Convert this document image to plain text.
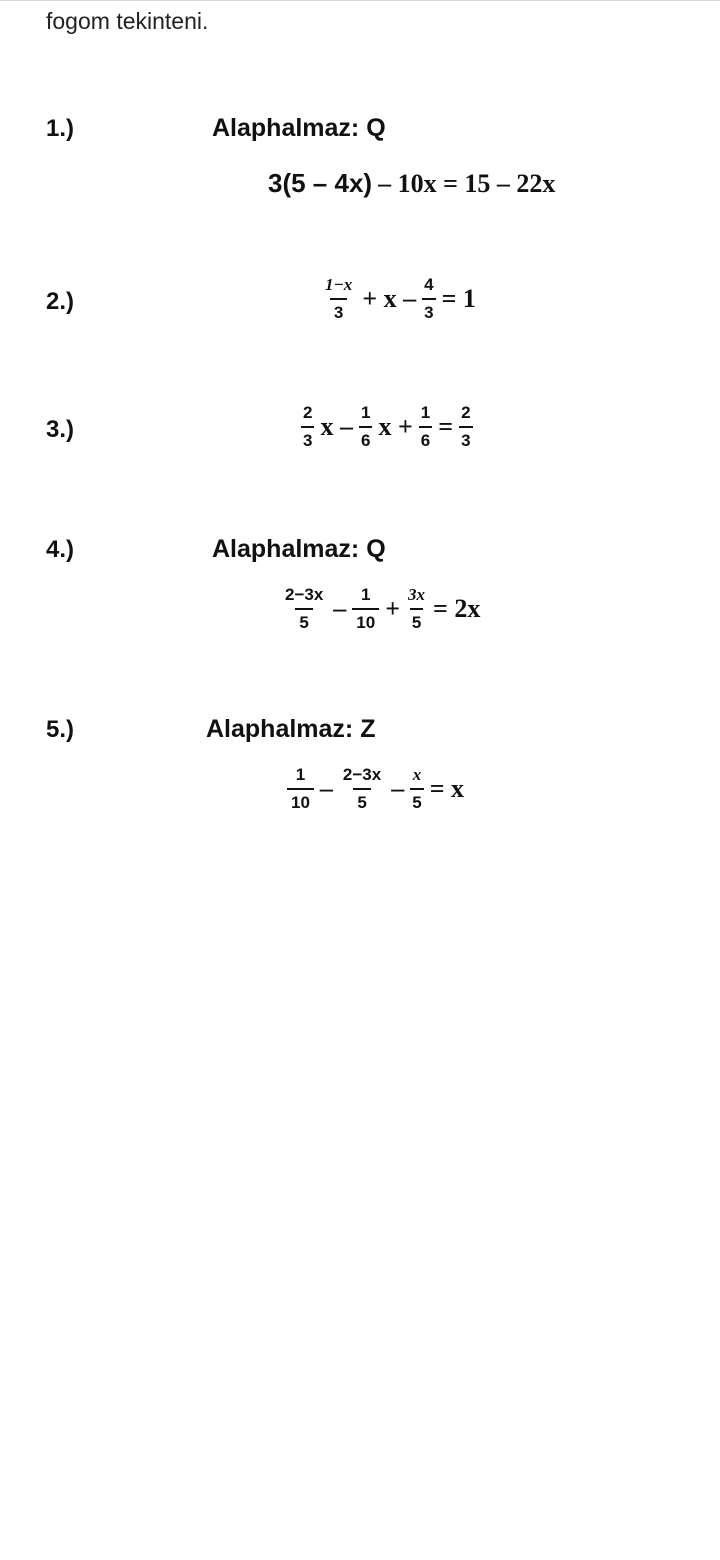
fogom tekinteni.
1.)	Alaphalmaz: Q
3(5 – 4x) – 10x = 15 – 22x
2.)	$\frac{1-x}{3} + x - \frac{4}{3} = 1$
3.)	$\frac{2}{3}$ x – $\frac{1}{6}$ $x + \frac{1}{6} = \frac{2}{3}$
4.)	Alaphalmaz: Q
$\frac{2-3x}{5} - \frac{1}{10} + \frac{3x}{5} = 2x$
5.)	Alaphalmaz: Z
$\frac{1}{10} - \frac{2-3x}{5} - \frac{x}{5} = x$
